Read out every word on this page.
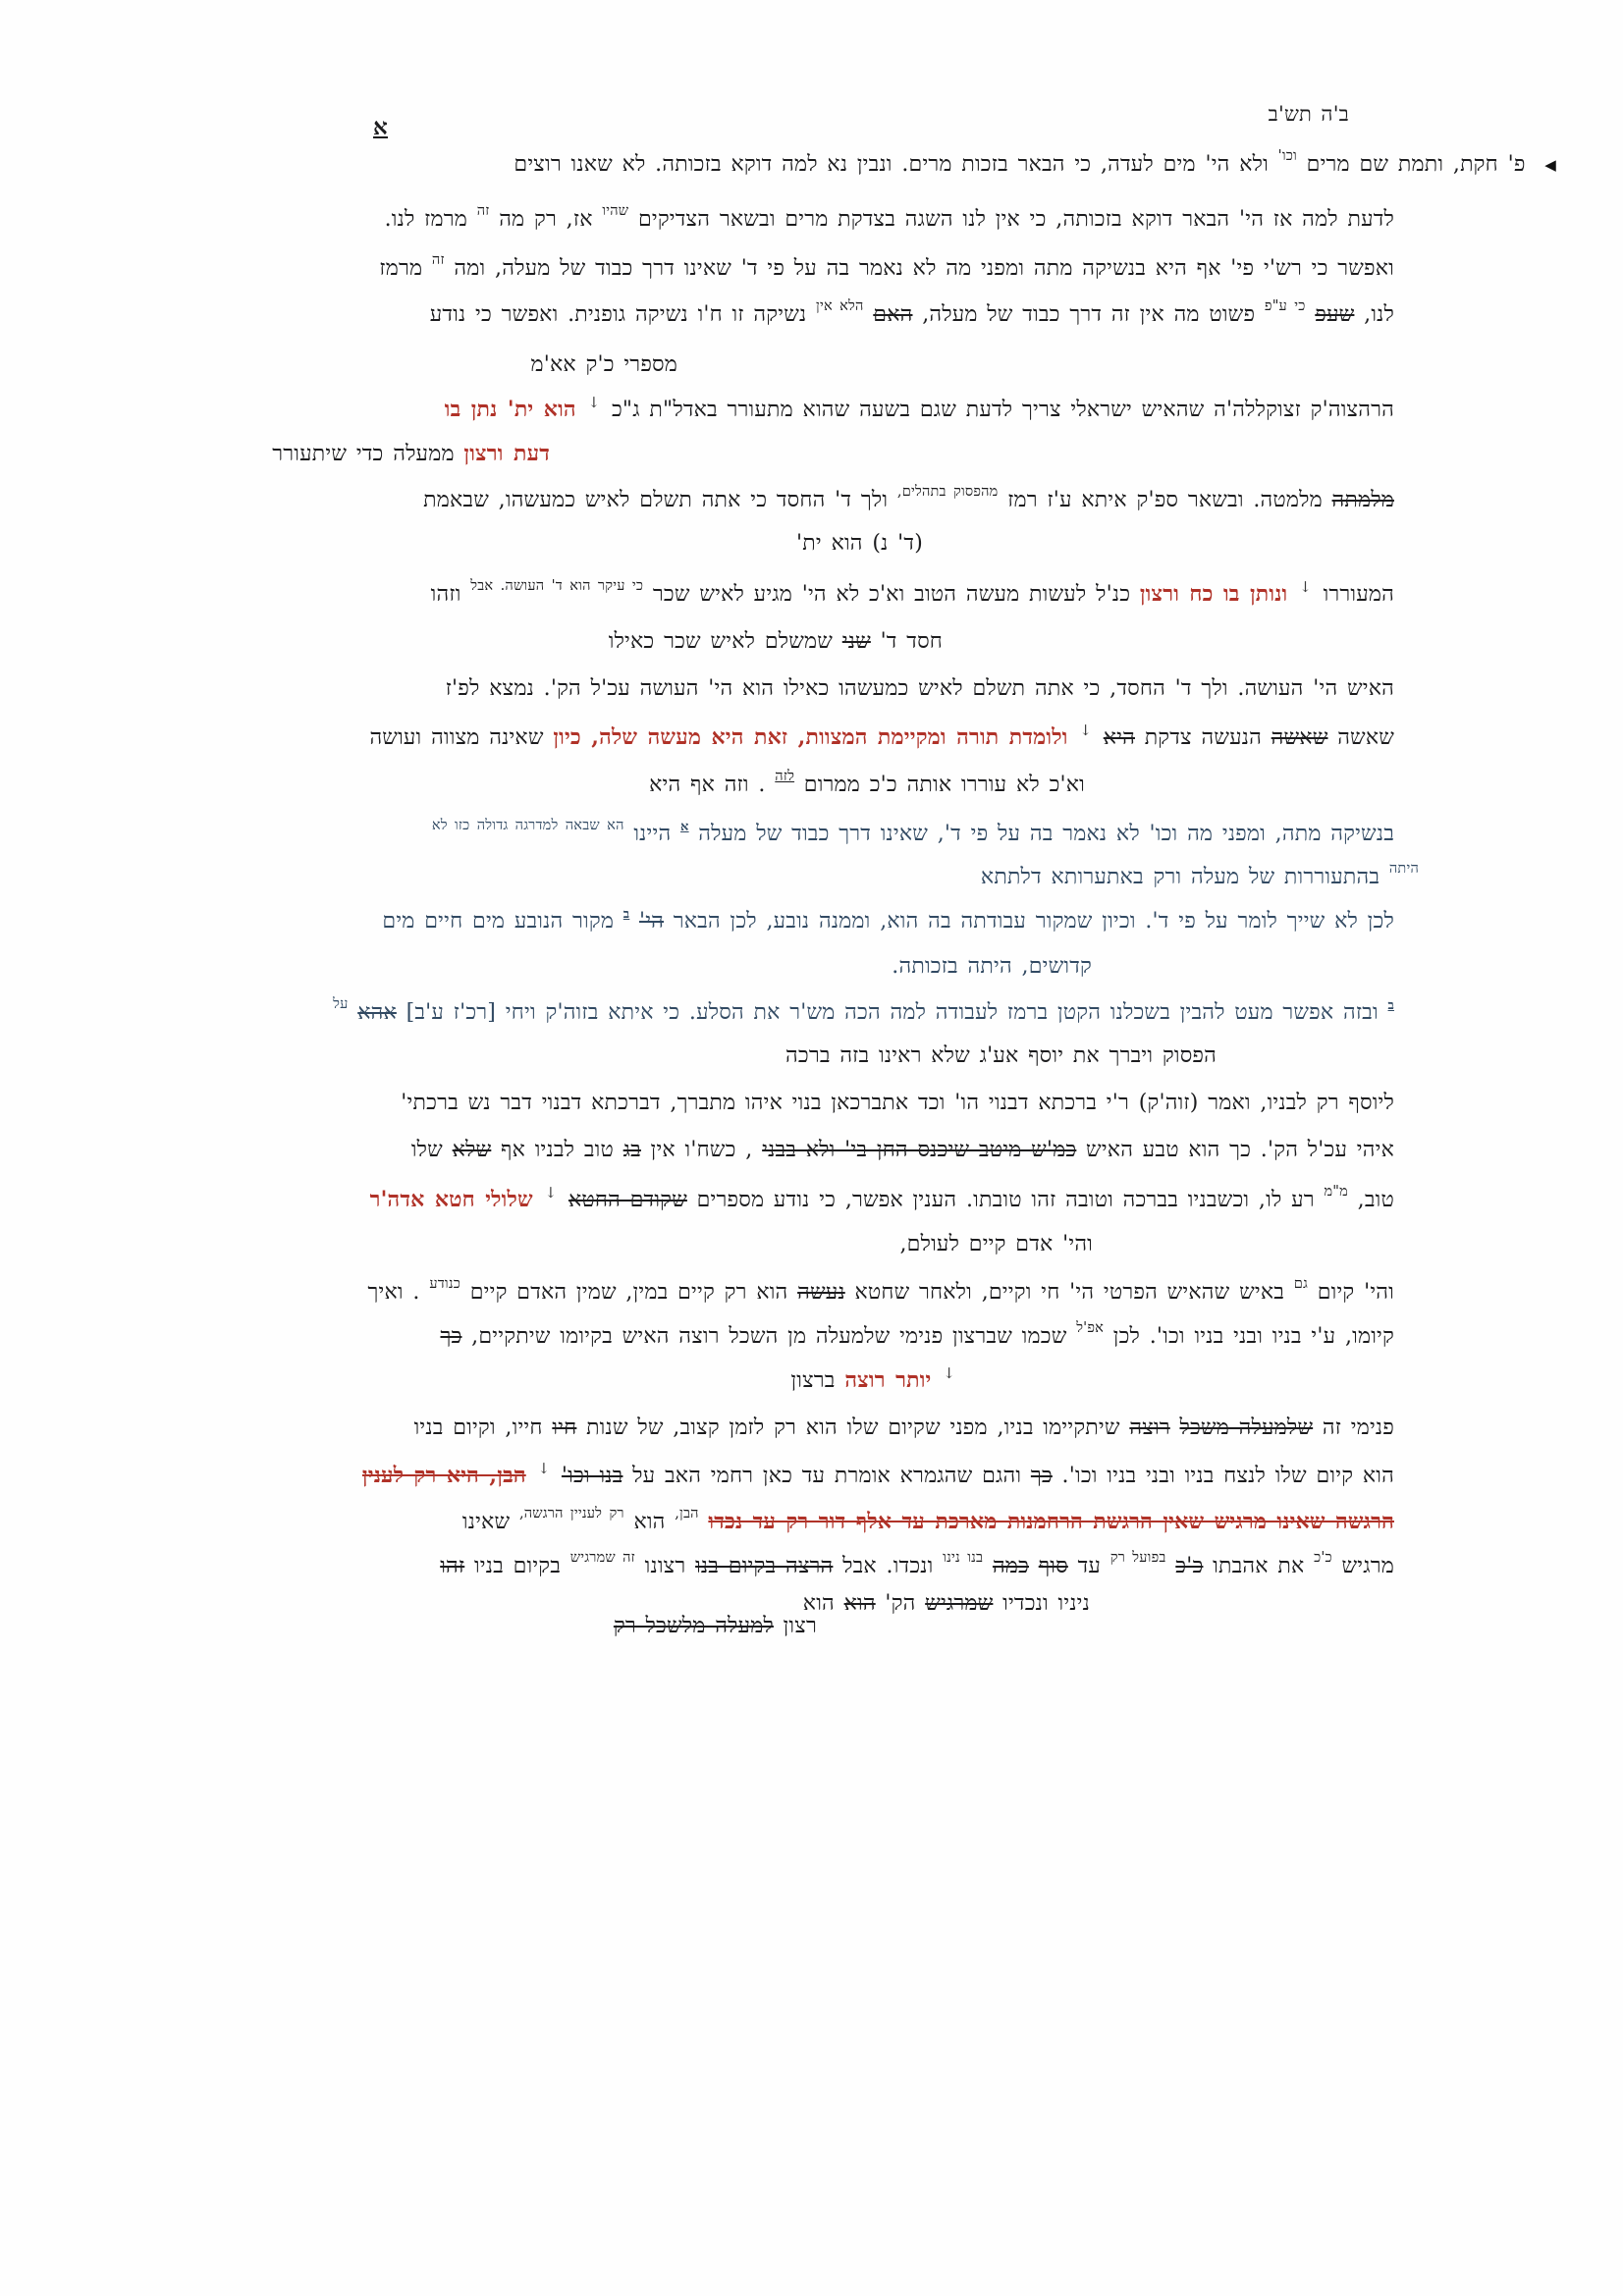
ב'ה תש'ב
א
◀ פ' חקת, ותמת שם מרים $^{וכו'}$ ולא הי' מים לעדה, כי הבאר בזכות מרים. ונבין נא למה דוקא בזכותה. לא שאנו רוצים
לדעת למה אז הי' הבאר דוקא בזכותה, כי אין לנו השגה בצדקת מרים ובשאר הצדיקים $^{שהיו}$ אז, רק מה $^{זה}$ מרמז לנו.
ואפשר כי רש'י פי' אף היא בנשיקה מתה ומפני מה לא נאמר בה על פי ד' שאינו דרך כבוד של מעלה, ומה $^{זה}$ מרמז
לנו, שעפ $^{כי ע"פ}$ פשוט מה אין זה דרך כבוד של מעלה, האם $^{הלא אין}$ נשיקה זו ח'ו נשיקה גופנית. ואפשר כי נודע
מספרי כ'ק אא'מ
הרהצוה'ק זצוקללה'ה שהאיש ישראלי צריך לדעת שגם בשעה שהוא מתעורר באדל"ת ג"כ ↓ הוא ית' נתן בו
דעת ורצון ממעלה כדי שיתעורר
מלמתה מלמטה. ובשאר ספ'ק איתא ע'ז רמז $^{מהפסוק בתהלים,}$ ולך ד' החסד כי אתה תשלם לאיש כמעשהו, שבאמת
(ד' נ) הוא ית'
המעוררו ↓ ונותן בו כח ורצון כנ'ל לעשות מעשה הטוב וא'כ לא הי' מגיע לאיש שכר $^{כי עיקר הוא ד' העושה. אבל}$ וזהו
חסד ד' שני שמשלם לאיש שכר כאילו
האיש הי' העושה. ולך ד' החסד, כי אתה תשלם לאיש כמעשהו כאילו הוא הי' העושה עכ'ל הק'. נמצא לפ'ז
שאשה שאשה הנעשה צדקת היא ↓ ולומדת תורה ומקיימת המצוות, זאת היא מעשה שלה, כיון שאינה מצווה ועושה
וא'כ לא עוררו אותה כ'כ ממרום $^{לזה}$ . וזה אף היא
בנשיקה מתה, ומפני מה וכו' לא נאמר בה על פי ד', שאינו דרך כבוד של מעלה $^א$ היינו $^{הא שבאה למדרגה גדולה כזו לא}$
$^{היתה}$ בהתעוררות של מעלה ורק באתערותא דלתתא
לכן לא שייך לומר על פי ד'. וכיון שמקור עבודתה בה הוא, וממנה נובע, לכן הבאר הי' $^ב$ מקור הנובע מים חיים מים
קדושים, היתה בזכותה.
$^ב$ ובזה אפשר מעט להבין בשכלנו הקטן ברמז לעבודה למה הכה מש'ר את הסלע. כי איתא בזוה'ק ויחי [רכ'ז ע'ב] אהא $^{על}$
הפסוק ויברך את יוסף אע'ג שלא ראינו בזה ברכה
ליוסף רק לבניו, ואמר (זוה'ק) ר'י ברכתא דבנוי הו' וכד אתברכאן בנוי איהו מתברך, דברכתא דבנוי דבר נש ברכתי'
איהי עכ'ל הק'. כך הוא טבע האיש כמ'ש מיטב שיכנס החן בי' ולא בבני , כשח'ו אין בג טוב לבניו אף שלא שלו
טוב, $^{מ"מ}$ רע לו, וכשבניו בברכה וטובה זהו טובתו. הענין אפשר, כי נודע מספרים שקודם החטא ↓ שלולי חטא אדה'ר
והי' אדם קיים לעולם,
והי' קיום $^{גם}$ באיש שהאיש הפרטי הי' חי וקיים, ולאחר שחטא נעשה הוא רק קיים במין, שמין האדם קיים $^{כנודע}$ . ואיך
קיומו, ע'י בניו ובני בניו וכו'. לכן $^{אפ'ל}$ שכמו שברצון פנימי שלמעלה מן השכל רוצה האיש בקיומו שיתקיים, כך
↓ יותר רוצה ברצון
פנימי זה שלמעלה משכל רוצה שיתקיימו בניו, מפני שקיום שלו הוא רק לזמן קצוב, של שנות חיו חייו, וקיום בניו
הוא קיום שלו לנצח בניו ובני בניו וכו'. כך והגם שהגמרא אומרת עד כאן רחמי האב על בנו וכו' ↓ הבן, היא רק לענין
הרגשה שאינו מרגיש שאין הרגשת הרחמנות מארכת עד אלף דור רק עד נכדו $^{הבן,}$ הוא $^{רק לעניין הרגשה,}$ שאינו
מרגיש $^{כ'כ}$ את אהבתו כ'כ $^{בפועל רק}$ עד סוף כמה $^{בנו נינו}$ ונכדו. אבל הרצה בקיום בנו רצונו $^{זה שמרגיש}$ בקיום בניו זהו
ניניו ונכדיו שמרגיש הק' הוא הוא
רצון למעלה מלשכל רק
